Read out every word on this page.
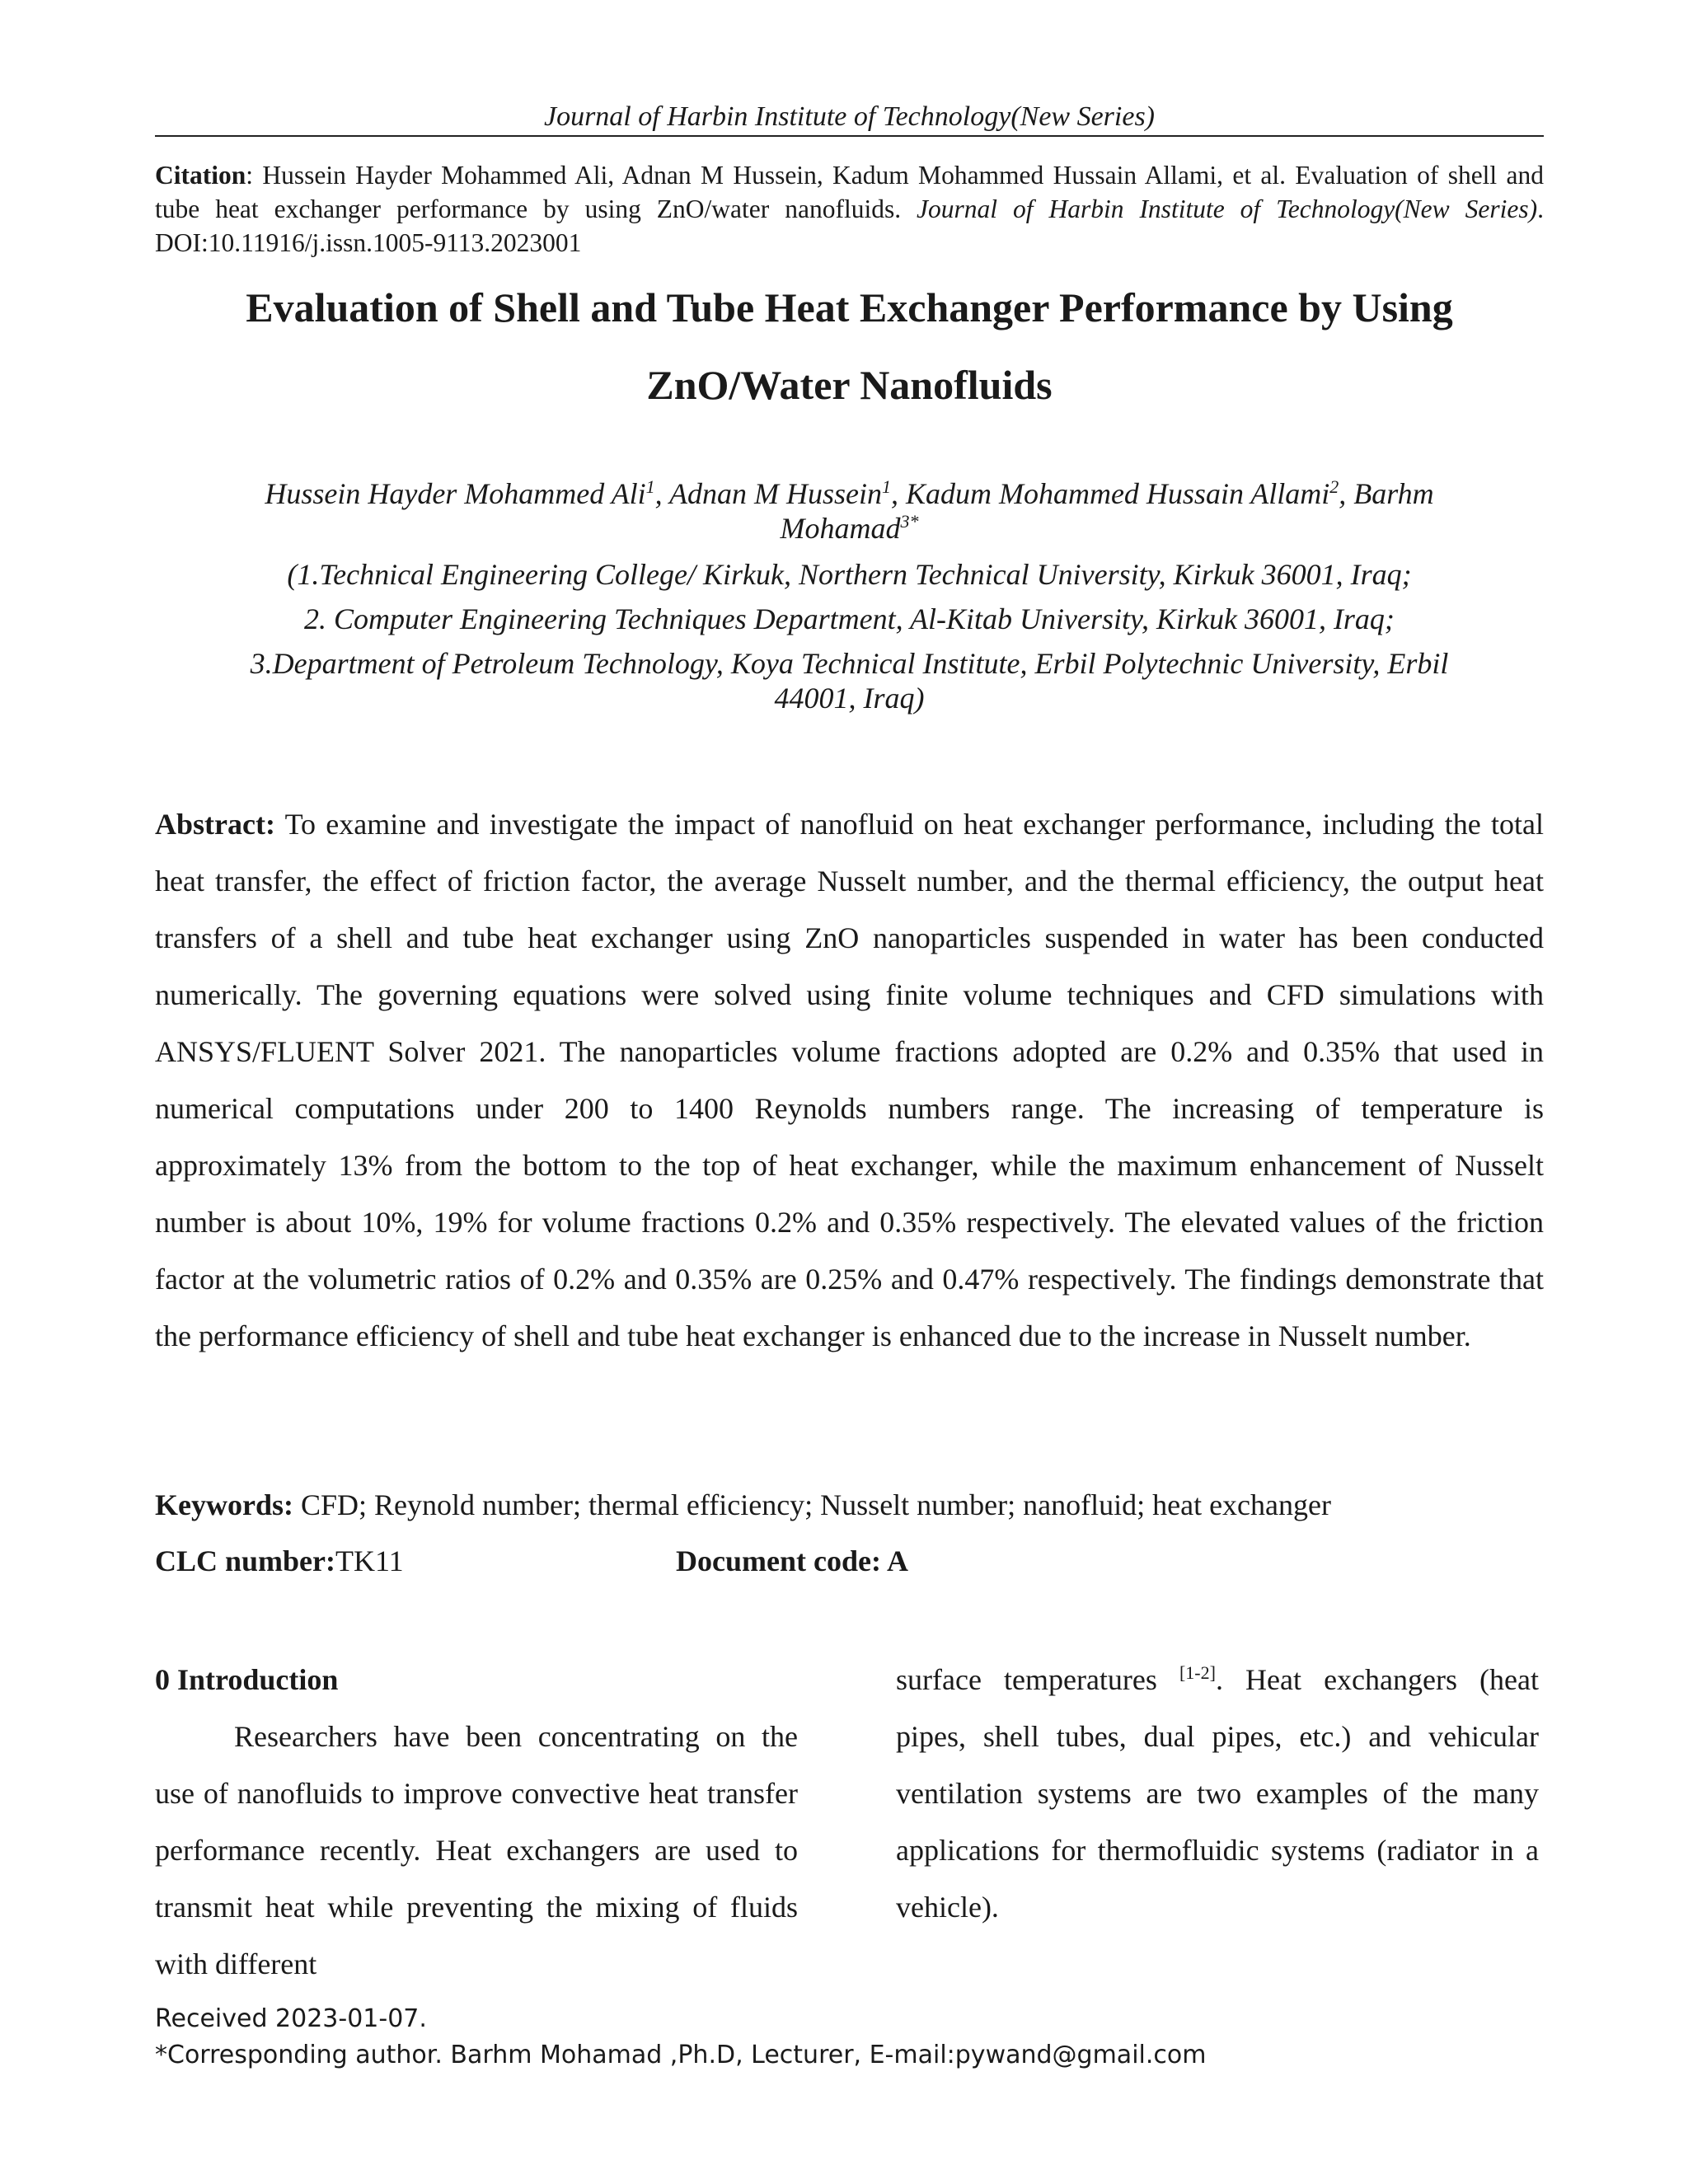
Journal of Harbin Institute of Technology(New Series)
Citation: Hussein Hayder Mohammed Ali, Adnan M Hussein, Kadum Mohammed Hussain Allami, et al. Evaluation of shell and tube heat exchanger performance by using ZnO/water nanofluids. Journal of Harbin Institute of Technology(New Series). DOI:10.11916/j.issn.1005-9113.2023001
Evaluation of Shell and Tube Heat Exchanger Performance by Using
ZnO/Water Nanofluids
Hussein Hayder Mohammed Ali$^1$, Adnan M Hussein$^1$, Kadum Mohammed Hussain Allami$^2$, Barhm
Mohamad$^{3*}$
(1.Technical Engineering College/ Kirkuk, Northern Technical University, Kirkuk 36001, Iraq;
2. Computer Engineering Techniques Department, Al-Kitab University, Kirkuk 36001, Iraq;
3.Department of Petroleum Technology, Koya Technical Institute, Erbil Polytechnic University, Erbil
44001, Iraq)
Abstract: To examine and investigate the impact of nanofluid on heat exchanger performance, including the total heat transfer, the effect of friction factor, the average Nusselt number, and the thermal efficiency, the output heat transfers of a shell and tube heat exchanger using ZnO nanoparticles suspended in water has been conducted numerically. The governing equations were solved using finite volume techniques and CFD simulations with ANSYS/FLUENT Solver 2021. The nanoparticles volume fractions adopted are 0.2% and 0.35% that used in numerical computations under 200 to 1400 Reynolds numbers range. The increasing of temperature is approximately 13% from the bottom to the top of heat exchanger, while the maximum enhancement of Nusselt number is about 10%, 19% for volume fractions 0.2% and 0.35% respectively. The elevated values of the friction factor at the volumetric ratios of 0.2% and 0.35% are 0.25% and 0.47% respectively. The findings demonstrate that the performance efficiency of shell and tube heat exchanger is enhanced due to the increase in Nusselt number.
Keywords: CFD; Reynold number; thermal efficiency; Nusselt number; nanofluid; heat exchanger
CLC number:TK11	Document code: A
0 Introduction

Researchers have been concentrating on the use of nanofluids to improve convective heat transfer performance recently. Heat exchangers are used to transmit heat while preventing the mixing of fluids with different

surface temperatures [1-2]. Heat exchangers (heat pipes, shell tubes, dual pipes, etc.) and vehicular ventilation systems are two examples of the many applications for thermofluidic systems (radiator in a vehicle).

Received 2023-01-07.
*Corresponding author. Barhm Mohamad ,Ph.D, Lecturer, E-mail:pywand@gmail.com
